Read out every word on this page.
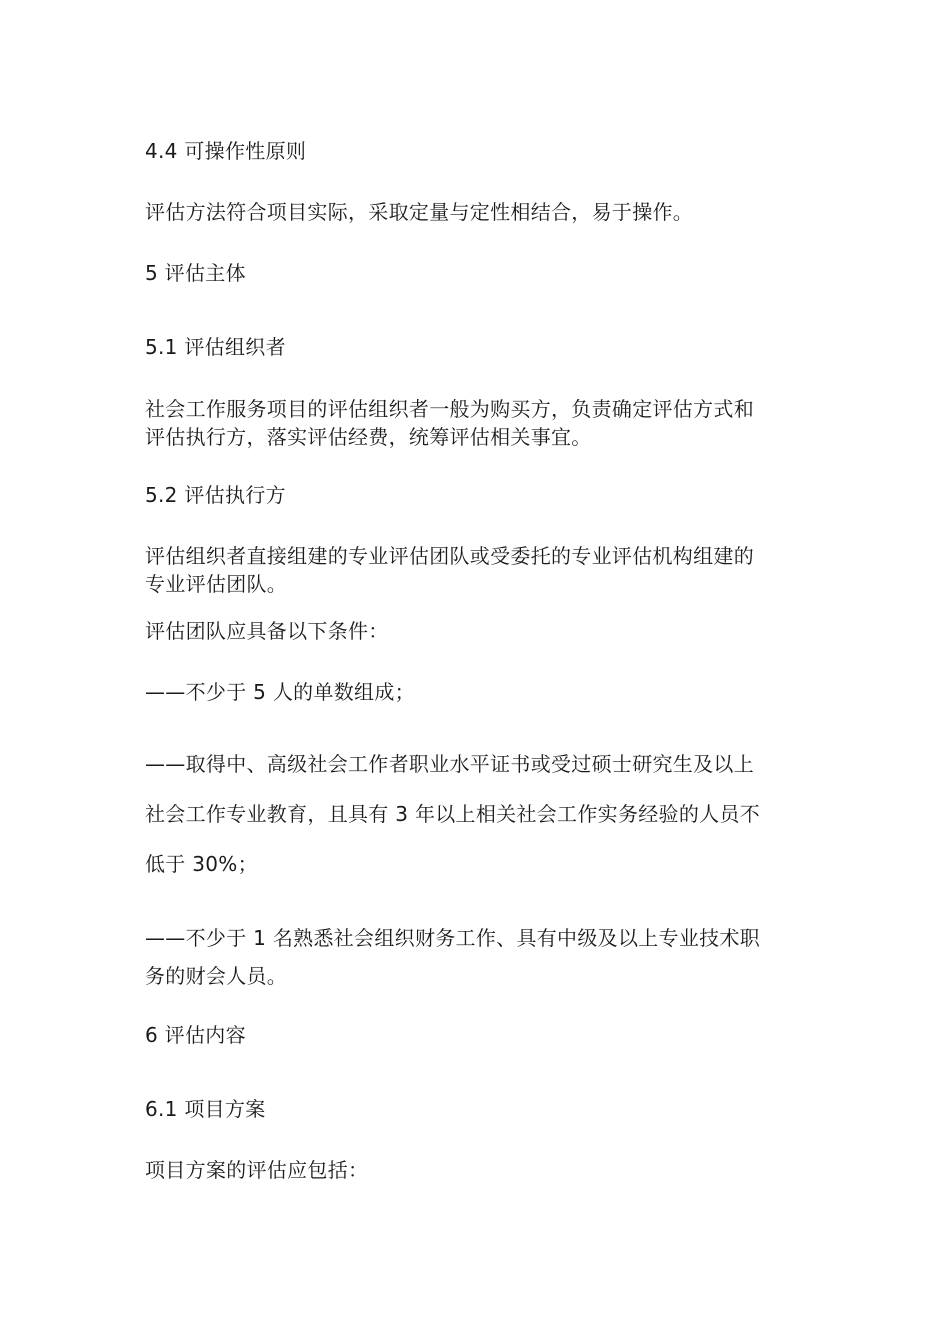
4.4 可操作性原则
评估方法符合项目实际，采取定量与定性相结合，易于操作。
5 评估主体
5.1 评估组织者
社会工作服务项目的评估组织者一般为购买方，负责确定评估方式和
评估执行方，落实评估经费，统筹评估相关事宜。
5.2 评估执行方
评估组织者直接组建的专业评估团队或受委托的专业评估机构组建的
专业评估团队。
评估团队应具备以下条件：
——不少于 5 人的单数组成；
——取得中、高级社会工作者职业水平证书或受过硕士研究生及以上
社会工作专业教育，且具有 3 年以上相关社会工作实务经验的人员不
低于 30%；
——不少于 1 名熟悉社会组织财务工作、具有中级及以上专业技术职
务的财会人员。
6 评估内容
6.1 项目方案
项目方案的评估应包括：
